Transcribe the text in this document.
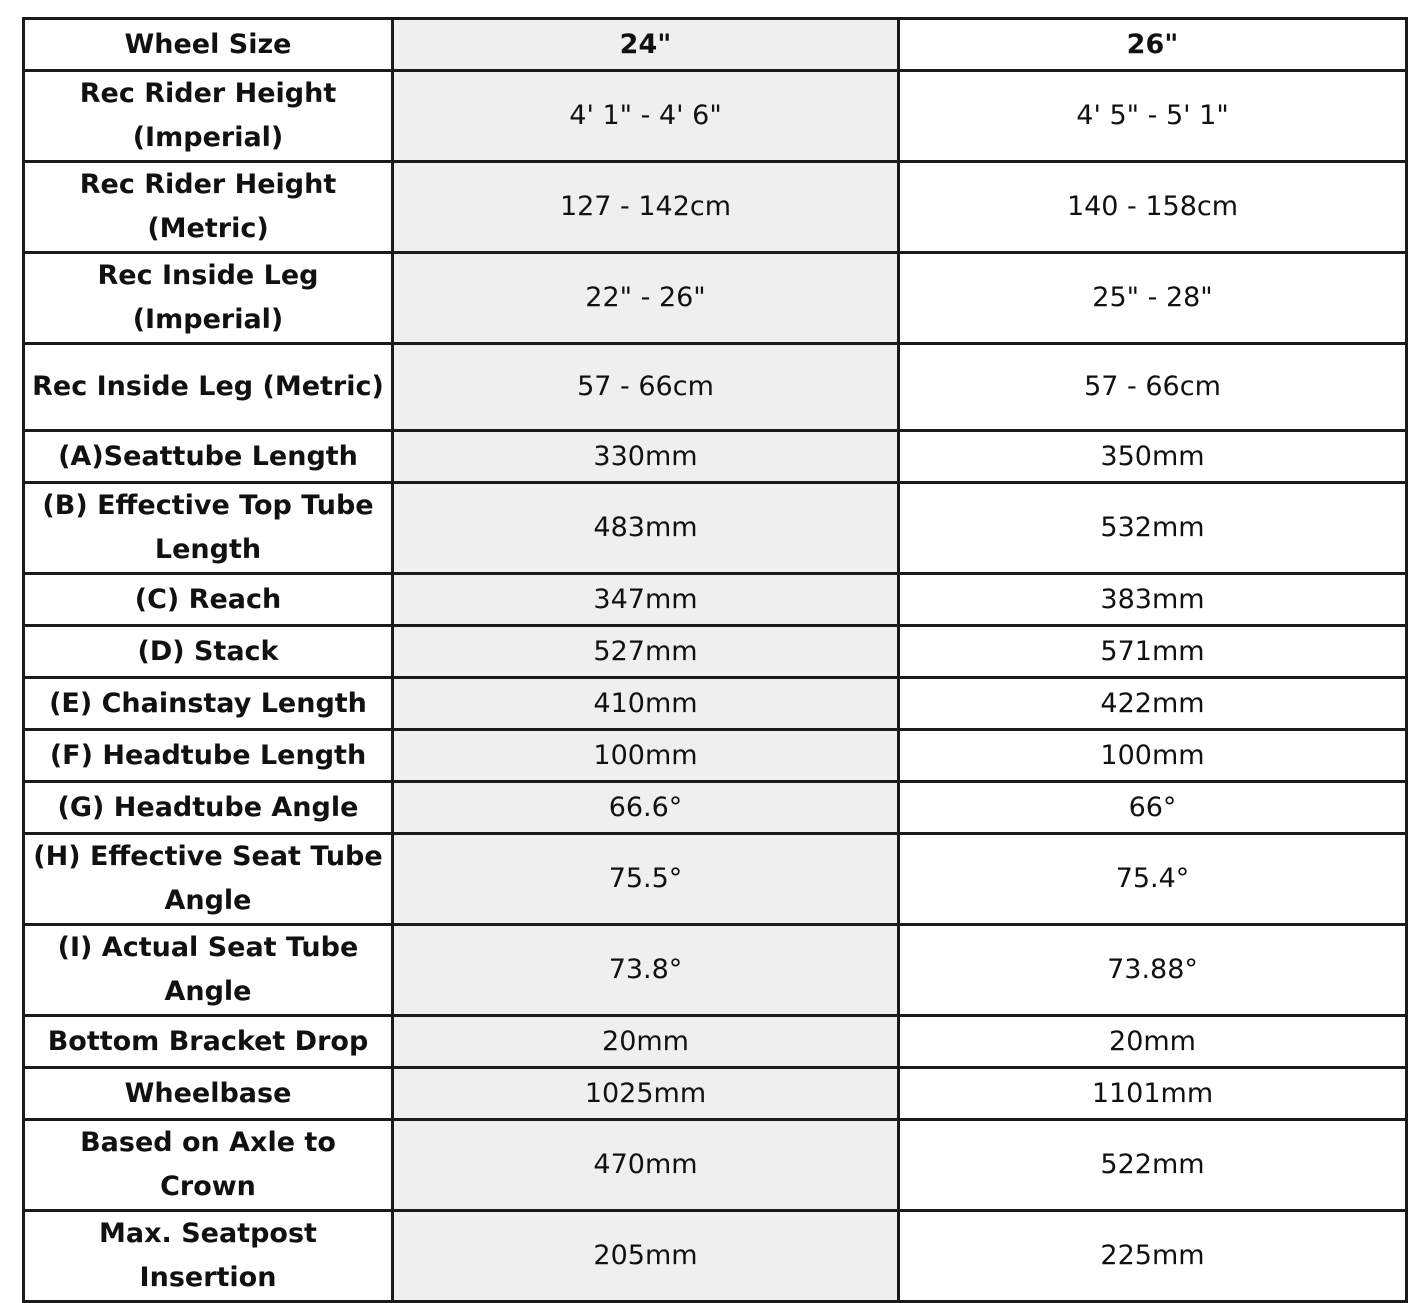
Wheel Size	24"	26"
Rec Rider Height (Imperial)	4' 1" - 4' 6"	4' 5" - 5' 1"
Rec Rider Height (Metric)	127 - 142cm	140 - 158cm
Rec Inside Leg (Imperial)	22" - 26"	25" - 28"
Rec Inside Leg (Metric)	57 - 66cm	57 - 66cm
(A)Seattube Length	330mm	350mm
(B) Effective Top Tube Length	483mm	532mm
(C) Reach	347mm	383mm
(D) Stack	527mm	571mm
(E) Chainstay Length	410mm	422mm
(F) Headtube Length	100mm	100mm
(G) Headtube Angle	66.6°	66°
(H) Effective Seat Tube Angle	75.5°	75.4°
(I) Actual Seat Tube Angle	73.8°	73.88°
Bottom Bracket Drop	20mm	20mm
Wheelbase	1025mm	1101mm
Based on Axle to Crown	470mm	522mm
Max. Seatpost Insertion	205mm	225mm
